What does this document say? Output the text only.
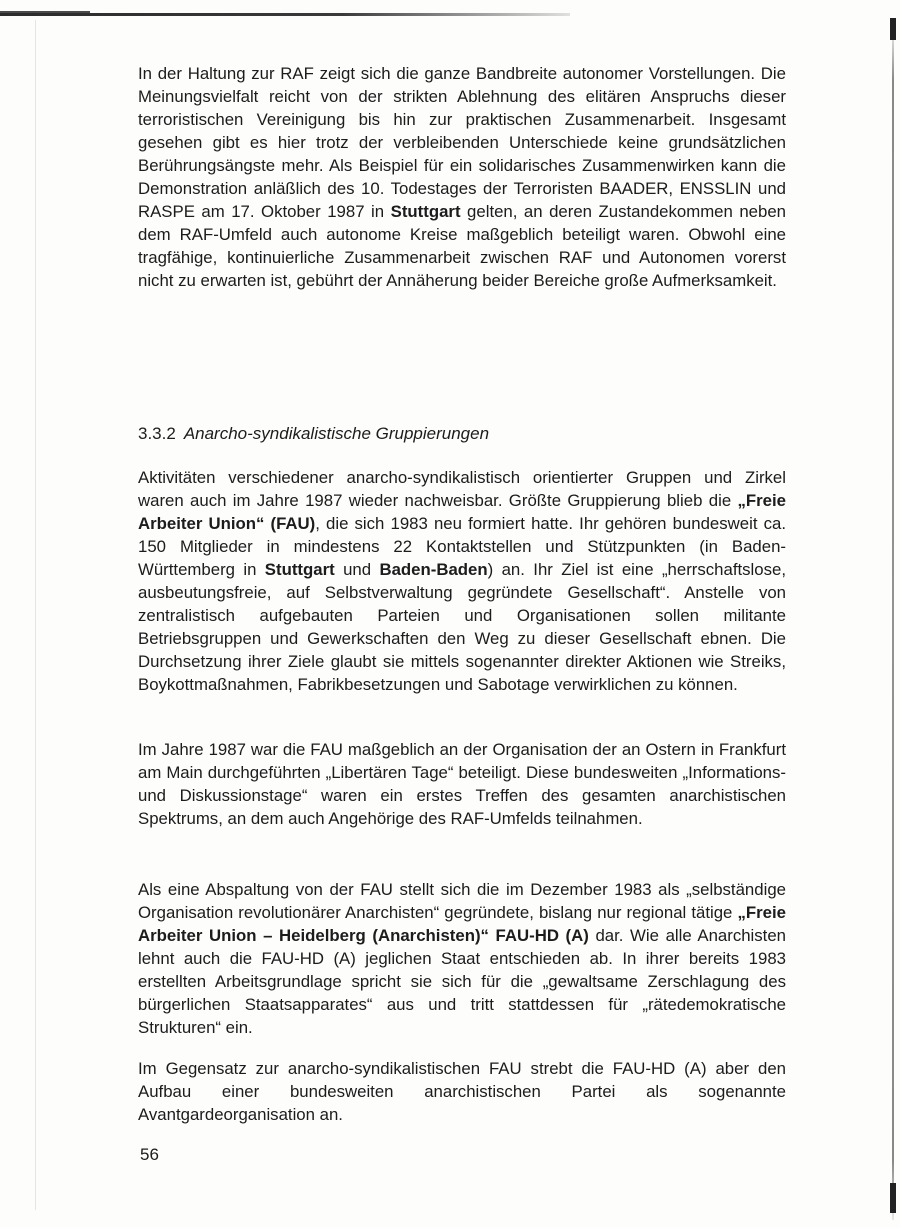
In der Haltung zur RAF zeigt sich die ganze Bandbreite autonomer Vorstellungen. Die Meinungsvielfalt reicht von der strikten Ablehnung des elitären Anspruchs dieser terroristischen Vereinigung bis hin zur praktischen Zusammenarbeit. Insgesamt gesehen gibt es hier trotz der verbleibenden Unterschiede keine grundsätzlichen Berührungsängste mehr. Als Beispiel für ein solidarisches Zusammenwirken kann die Demonstration anläßlich des 10. Todestages der Terroristen BAADER, ENSSLIN und RASPE am 17. Oktober 1987 in Stuttgart gelten, an deren Zustandekommen neben dem RAF-Umfeld auch autonome Kreise maßgeblich beteiligt waren. Obwohl eine tragfähige, kontinuierliche Zusammenarbeit zwischen RAF und Autonomen vorerst nicht zu erwarten ist, gebührt der Annäherung beider Bereiche große Aufmerksamkeit.

3.3.2 Anarcho-syndikalistische Gruppierungen
Aktivitäten verschiedener anarcho-syndikalistisch orientierter Gruppen und Zirkel waren auch im Jahre 1987 wieder nachweisbar. Größte Gruppierung blieb die „Freie Arbeiter Union“ (FAU), die sich 1983 neu formiert hatte. Ihr gehören bundesweit ca. 150 Mitglieder in mindestens 22 Kontaktstellen und Stützpunkten (in Baden-Württemberg in Stuttgart und Baden-Baden) an. Ihr Ziel ist eine „herrschaftslose, ausbeutungsfreie, auf Selbstverwaltung gegründete Gesellschaft“. Anstelle von zentralistisch aufgebauten Parteien und Organisationen sollen militante Betriebsgruppen und Gewerkschaften den Weg zu dieser Gesellschaft ebnen. Die Durchsetzung ihrer Ziele glaubt sie mittels sogenannter direkter Aktionen wie Streiks, Boykottmaßnahmen, Fabrikbesetzungen und Sabotage verwirklichen zu können.
Im Jahre 1987 war die FAU maßgeblich an der Organisation der an Ostern in Frankfurt am Main durchgeführten „Libertären Tage“ beteiligt. Diese bundesweiten „Informations- und Diskussionstage“ waren ein erstes Treffen des gesamten anarchistischen Spektrums, an dem auch Angehörige des RAF-Umfelds teilnahmen.
Als eine Abspaltung von der FAU stellt sich die im Dezember 1983 als „selbständige Organisation revolutionärer Anarchisten“ gegründete, bislang nur regional tätige „Freie Arbeiter Union – Heidelberg (Anarchisten)“ FAU-HD (A) dar. Wie alle Anarchisten lehnt auch die FAU-HD (A) jeglichen Staat entschieden ab. In ihrer bereits 1983 erstellten Arbeitsgrundlage spricht sie sich für die „gewaltsame Zerschlagung des bürgerlichen Staatsapparates“ aus und tritt stattdessen für „rätedemokratische Strukturen“ ein.
Im Gegensatz zur anarcho-syndikalistischen FAU strebt die FAU-HD (A) aber den Aufbau einer bundesweiten anarchistischen Partei als sogenannte Avantgardeorganisation an.
56
